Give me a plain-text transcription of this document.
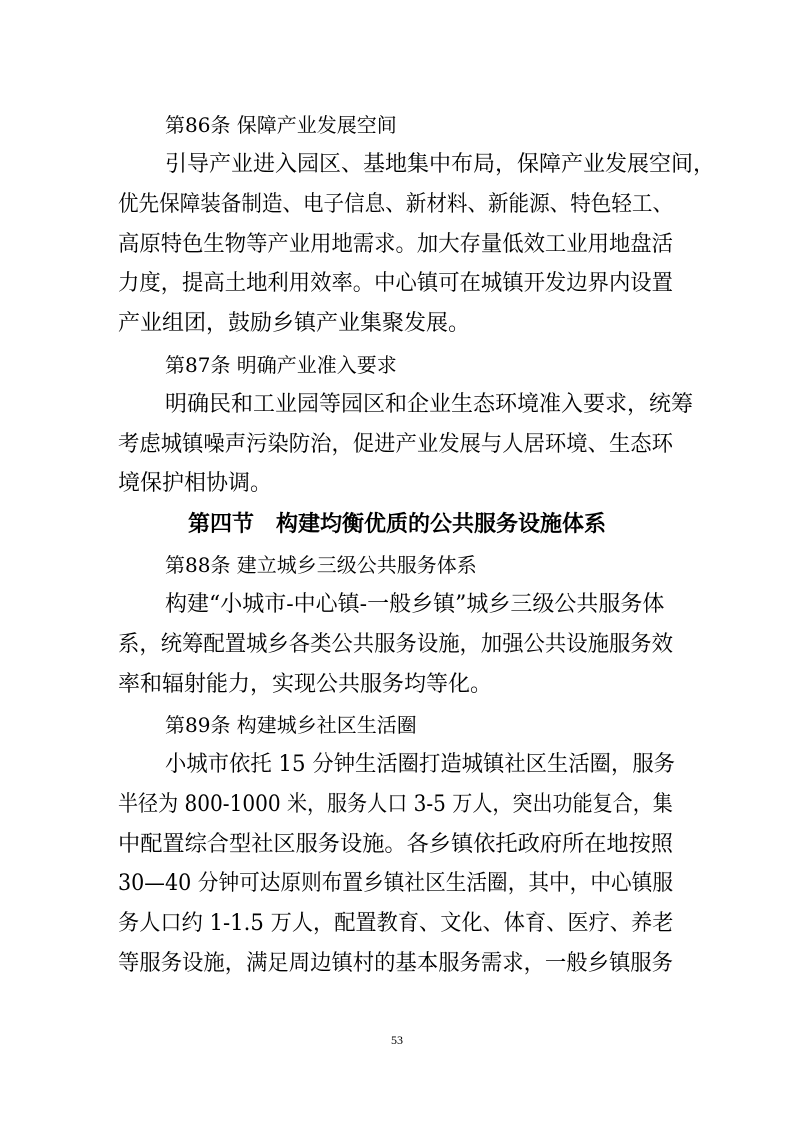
第86条 保障产业发展空间
引导产业进入园区、基地集中布局，保障产业发展空间，
优先保障装备制造、电子信息、新材料、新能源、特色轻工、
高原特色生物等产业用地需求。加大存量低效工业用地盘活
力度，提高土地利用效率。中心镇可在城镇开发边界内设置
产业组团，鼓励乡镇产业集聚发展。
第87条 明确产业准入要求
明确民和工业园等园区和企业生态环境准入要求，统筹
考虑城镇噪声污染防治，促进产业发展与人居环境、生态环
境保护相协调。
第四节　构建均衡优质的公共服务设施体系
第88条 建立城乡三级公共服务体系
构建“小城市-中心镇-一般乡镇”城乡三级公共服务体
系，统筹配置城乡各类公共服务设施，加强公共设施服务效
率和辐射能力，实现公共服务均等化。
第89条 构建城乡社区生活圈
小城市依托 15 分钟生活圈打造城镇社区生活圈，服务
半径为 800-1000 米，服务人口 3-5 万人，突出功能复合，集
中配置综合型社区服务设施。各乡镇依托政府所在地按照
30—40 分钟可达原则布置乡镇社区生活圈，其中，中心镇服
务人口约 1-1.5 万人，配置教育、文化、体育、医疗、养老
等服务设施，满足周边镇村的基本服务需求，一般乡镇服务
53
